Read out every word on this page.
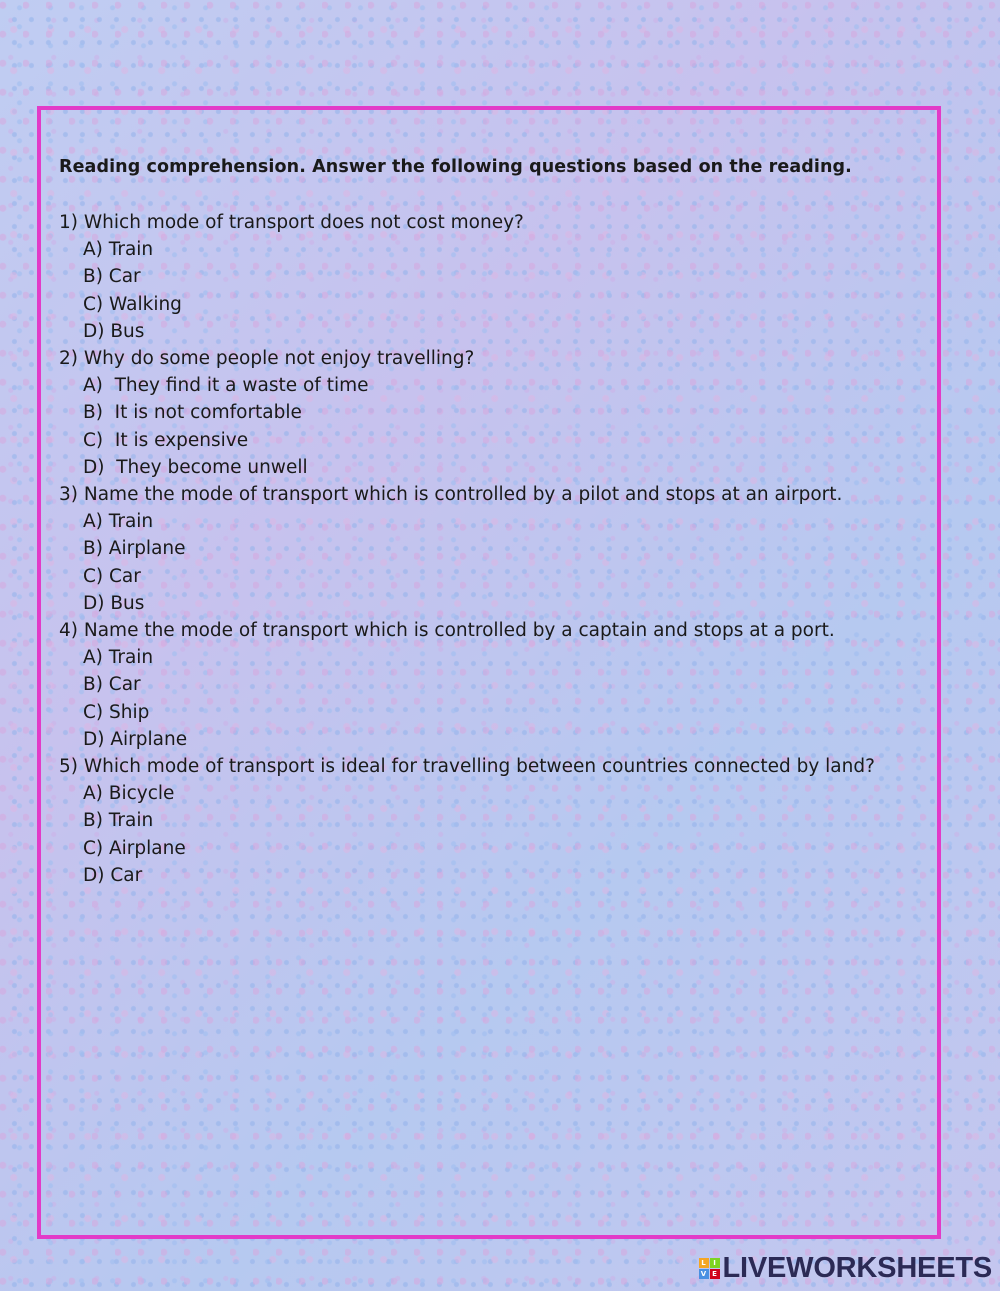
Reading comprehension. Answer the following questions based on the reading.

1) Which mode of transport does not cost money?

A) Train
B) Car
C) Walking
D) Bus

2) Why do some people not enjoy travelling?

A)  They find it a waste of time
B)  It is not comfortable
C)  It is expensive
D)  They become unwell

3) Name the mode of transport which is controlled by a pilot and stops at an airport.

A) Train
B) Airplane
C) Car
D) Bus

4) Name the mode of transport which is controlled by a captain and stops at a port.

A) Train
B) Car
C) Ship
D) Airplane

5) Which mode of transport is ideal for travelling between countries connected by land?

A) Bicycle
B) Train
C) Airplane
D) Car
L	I
V E LIVEWORKSHEETS
